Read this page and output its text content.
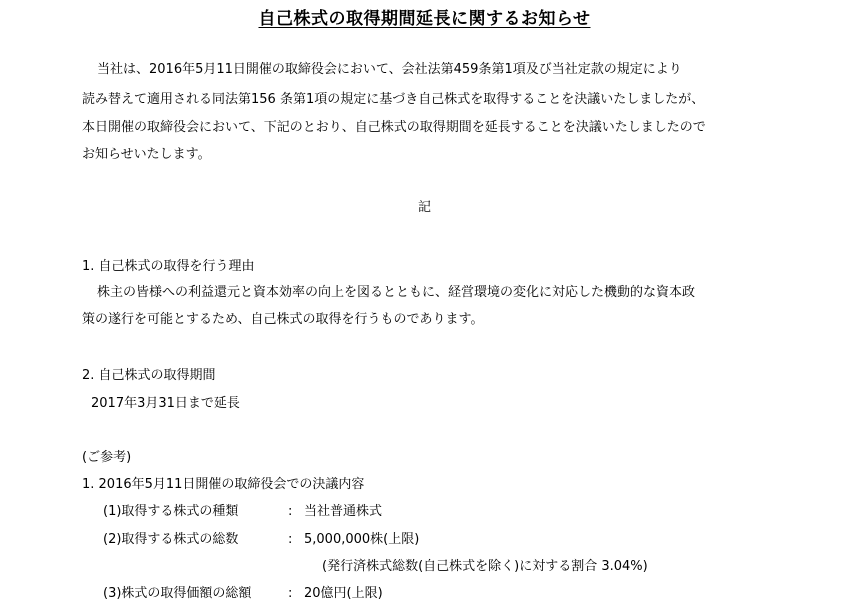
自己株式の取得期間延長に関するお知らせ
当社は、2016年5月11日開催の取締役会において、会社法第459条第1項及び当社定款の規定により
読み替えて適用される同法第156 条第1項の規定に基づき自己株式を取得することを決議いたしましたが、
本日開催の取締役会において、下記のとおり、自己株式の取得期間を延長することを決議いたしましたので
お知らせいたします。
記
1. 自己株式の取得を行う理由
株主の皆様への利益還元と資本効率の向上を図るとともに、経営環境の変化に対応した機動的な資本政
策の遂行を可能とするため、自己株式の取得を行うものであります。
2. 自己株式の取得期間
2017年3月31日まで延長
(ご参考)
1. 2016年5月11日開催の取締役会での決議内容
(1)取得する株式の種類	: 当社普通株式
(2)取得する株式の総数	: 5,000,000株(上限)
(発行済株式総数(自己株式を除く)に対する割合 3.04%)
(3)株式の取得価額の総額	: 20億円(上限)
